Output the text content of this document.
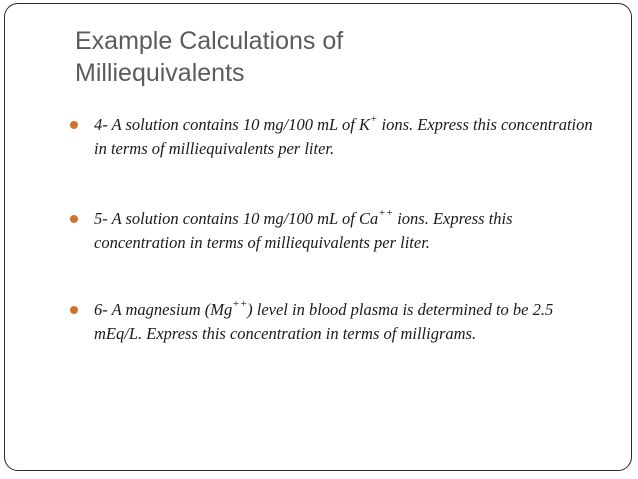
Example Calculations of
Milliequivalents
4- A solution contains 10 mg/100 mL of K+ ions. Express this concentration in terms of milliequivalents per liter.
5- A solution contains 10 mg/100 mL of Ca++ ions. Express this concentration in terms of milliequivalents per liter.
6- A magnesium (Mg++) level in blood plasma is determined to be 2.5 mEq/L. Express this concentration in terms of milligrams.
